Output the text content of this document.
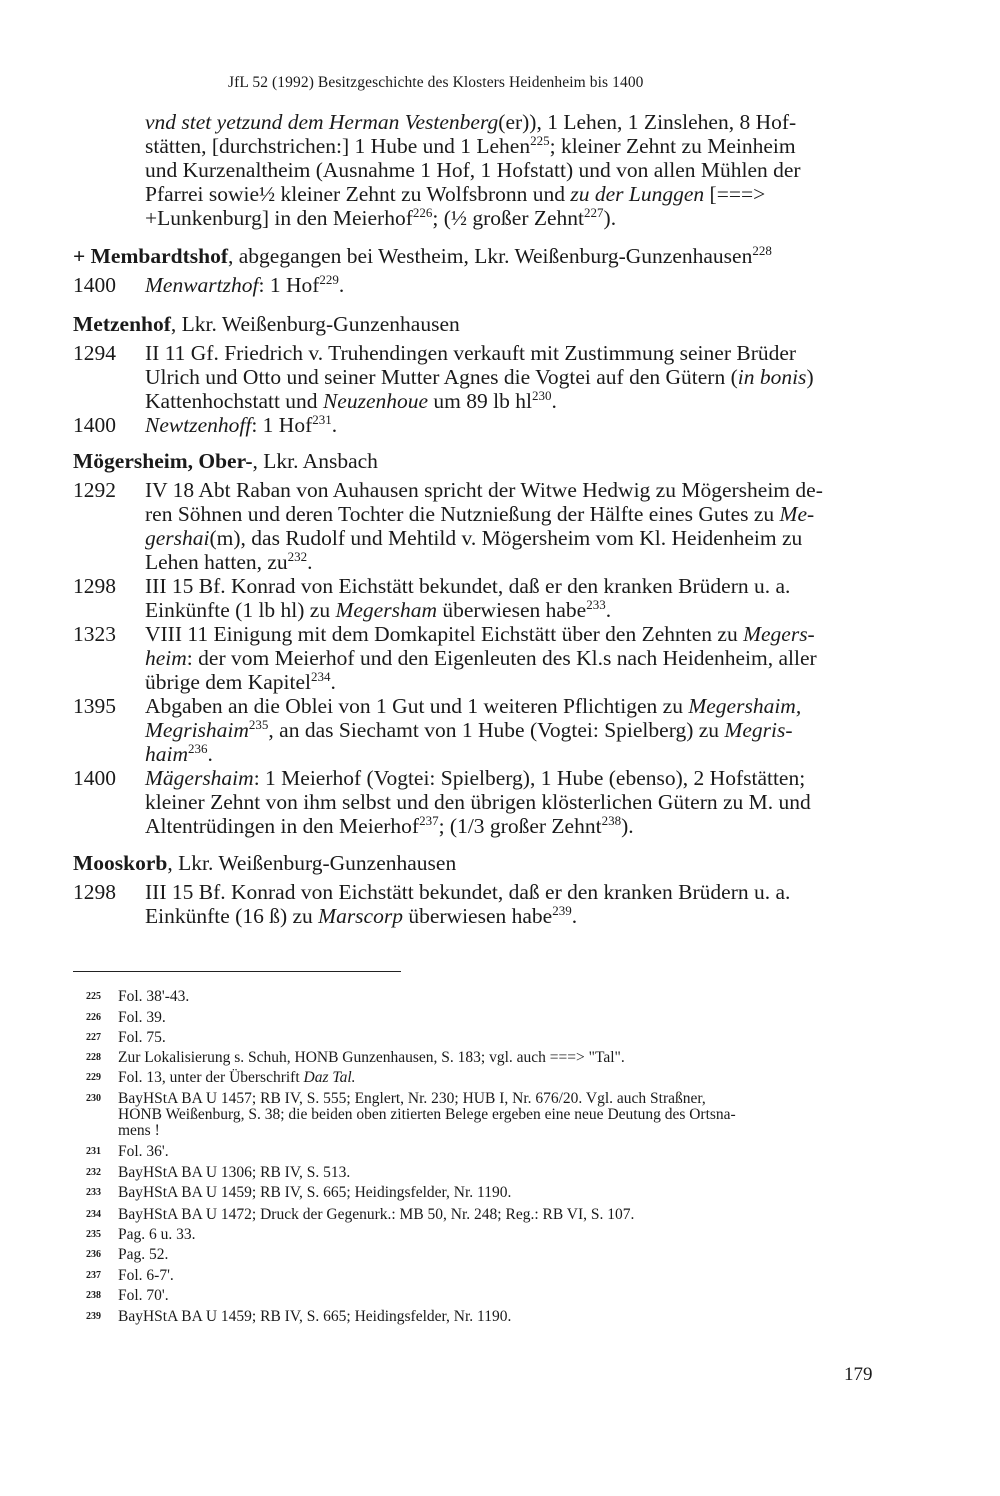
JfL 52 (1992) Besitzgeschichte des Klosters Heidenheim bis 1400
vnd stet yetzund dem Herman Vestenberg(er)), 1 Lehen, 1 Zinslehen, 8 Hof-
stätten, [durchstrichen:] 1 Hube und 1 Lehen$^{225}$; kleiner Zehnt zu Meinheim
und Kurzenaltheim (Ausnahme 1 Hof, 1 Hofstatt) und von allen Mühlen der
Pfarrei sowie½ kleiner Zehnt zu Wolfsbronn und zu der Lunggen [===>
+Lunkenburg] in den Meierhof$^{226}$; (½ großer Zehnt$^{227}$).
+ Membardtshof, abgegangen bei Westheim, Lkr. Weißenburg-Gunzenhausen$^{228}$
1400 Menwartzhof: 1 Hof$^{229}$.
Metzenhof, Lkr. Weißenburg-Gunzenhausen
1294 II 11 Gf. Friedrich v. Truhendingen verkauft mit Zustimmung seiner Brüder
Ulrich und Otto und seiner Mutter Agnes die Vogtei auf den Gütern (in bonis)
Kattenhochstatt und Neuzenhoue um 89 lb $hl^{230}$.
1400 Newtzenhoff: 1 Hof$^{231}$.
Mögersheim, Ober-, Lkr. Ansbach
1292 IV 18 Abt Raban von Auhausen spricht der Witwe Hedwig zu Mögersheim de-
ren Söhnen und deren Tochter die Nutznießung der Hälfte eines Gutes zu Me-
gershai(m), das Rudolf und Mehtild v. Mögersheim vom Kl. Heidenheim zu
Lehen hatten, $zu^{232}$.
1298 III 15 Bf. Konrad von Eichstätt bekundet, daß er den kranken Brüdern u. a.
Einkünfte (1 lb hl) zu Megersham überwiesen habe$^{233}$.
1323 VIII 11 Einigung mit dem Domkapitel Eichstätt über den Zehnten zu Megers-
heim: der vom Meierhof und den Eigenleuten des Kl.s nach Heidenheim, aller
übrige dem Kapitel$^{234}$.
1395 Abgaben an die Oblei von 1 Gut und 1 weiteren Pflichtigen zu Megershaim,
Megrishaim$^{235}$, an das Siechamt von 1 Hube (Vogtei: Spielberg) zu Megris-
haim$^{236}$.
1400 Mägershaim: 1 Meierhof (Vogtei: Spielberg), 1 Hube (ebenso), 2 Hofstätten;
kleiner Zehnt von ihm selbst und den übrigen klösterlichen Gütern zu M. und
Altentrüdingen in den Meierhof$^{237}$; (1/3 großer Zehnt$^{238}$).
Mooskorb, Lkr. Weißenburg-Gunzenhausen
1298 III 15 Bf. Konrad von Eichstätt bekundet, daß er den kranken Brüdern u. a.
Einkünfte (16 ß) zu Marscorp überwiesen habe$^{239}$.
225 Fol. 38'-43.
226 Fol. 39.
227 Fol. 75.
228 Zur Lokalisierung s. Schuh, HONB Gunzenhausen, S. 183; vgl. auch ===> "Tal".
229 Fol. 13, unter der Überschrift Daz Tal.
230 BayHStA BA U 1457; RB IV, S. 555; Englert, Nr. 230; HUB I, Nr. 676/20. Vgl. auch Straßner,
HONB Weißenburg, S. 38; die beiden oben zitierten Belege ergeben eine neue Deutung des Ortsna-
mens !
231 Fol. 36'.
232 BayHStA BA U 1306; RB IV, S. 513.
233 BayHStA BA U 1459; RB IV, S. 665; Heidingsfelder, Nr. 1190.
234 BayHStA BA U 1472; Druck der Gegenurk.: MB 50, Nr. 248; Reg.: RB VI, S. 107.
235 Pag. 6 u. 33.
236 Pag. 52.
237 Fol. 6-7'.
238 Fol. 70'.
239 BayHStA BA U 1459; RB IV, S. 665; Heidingsfelder, Nr. 1190.
179
